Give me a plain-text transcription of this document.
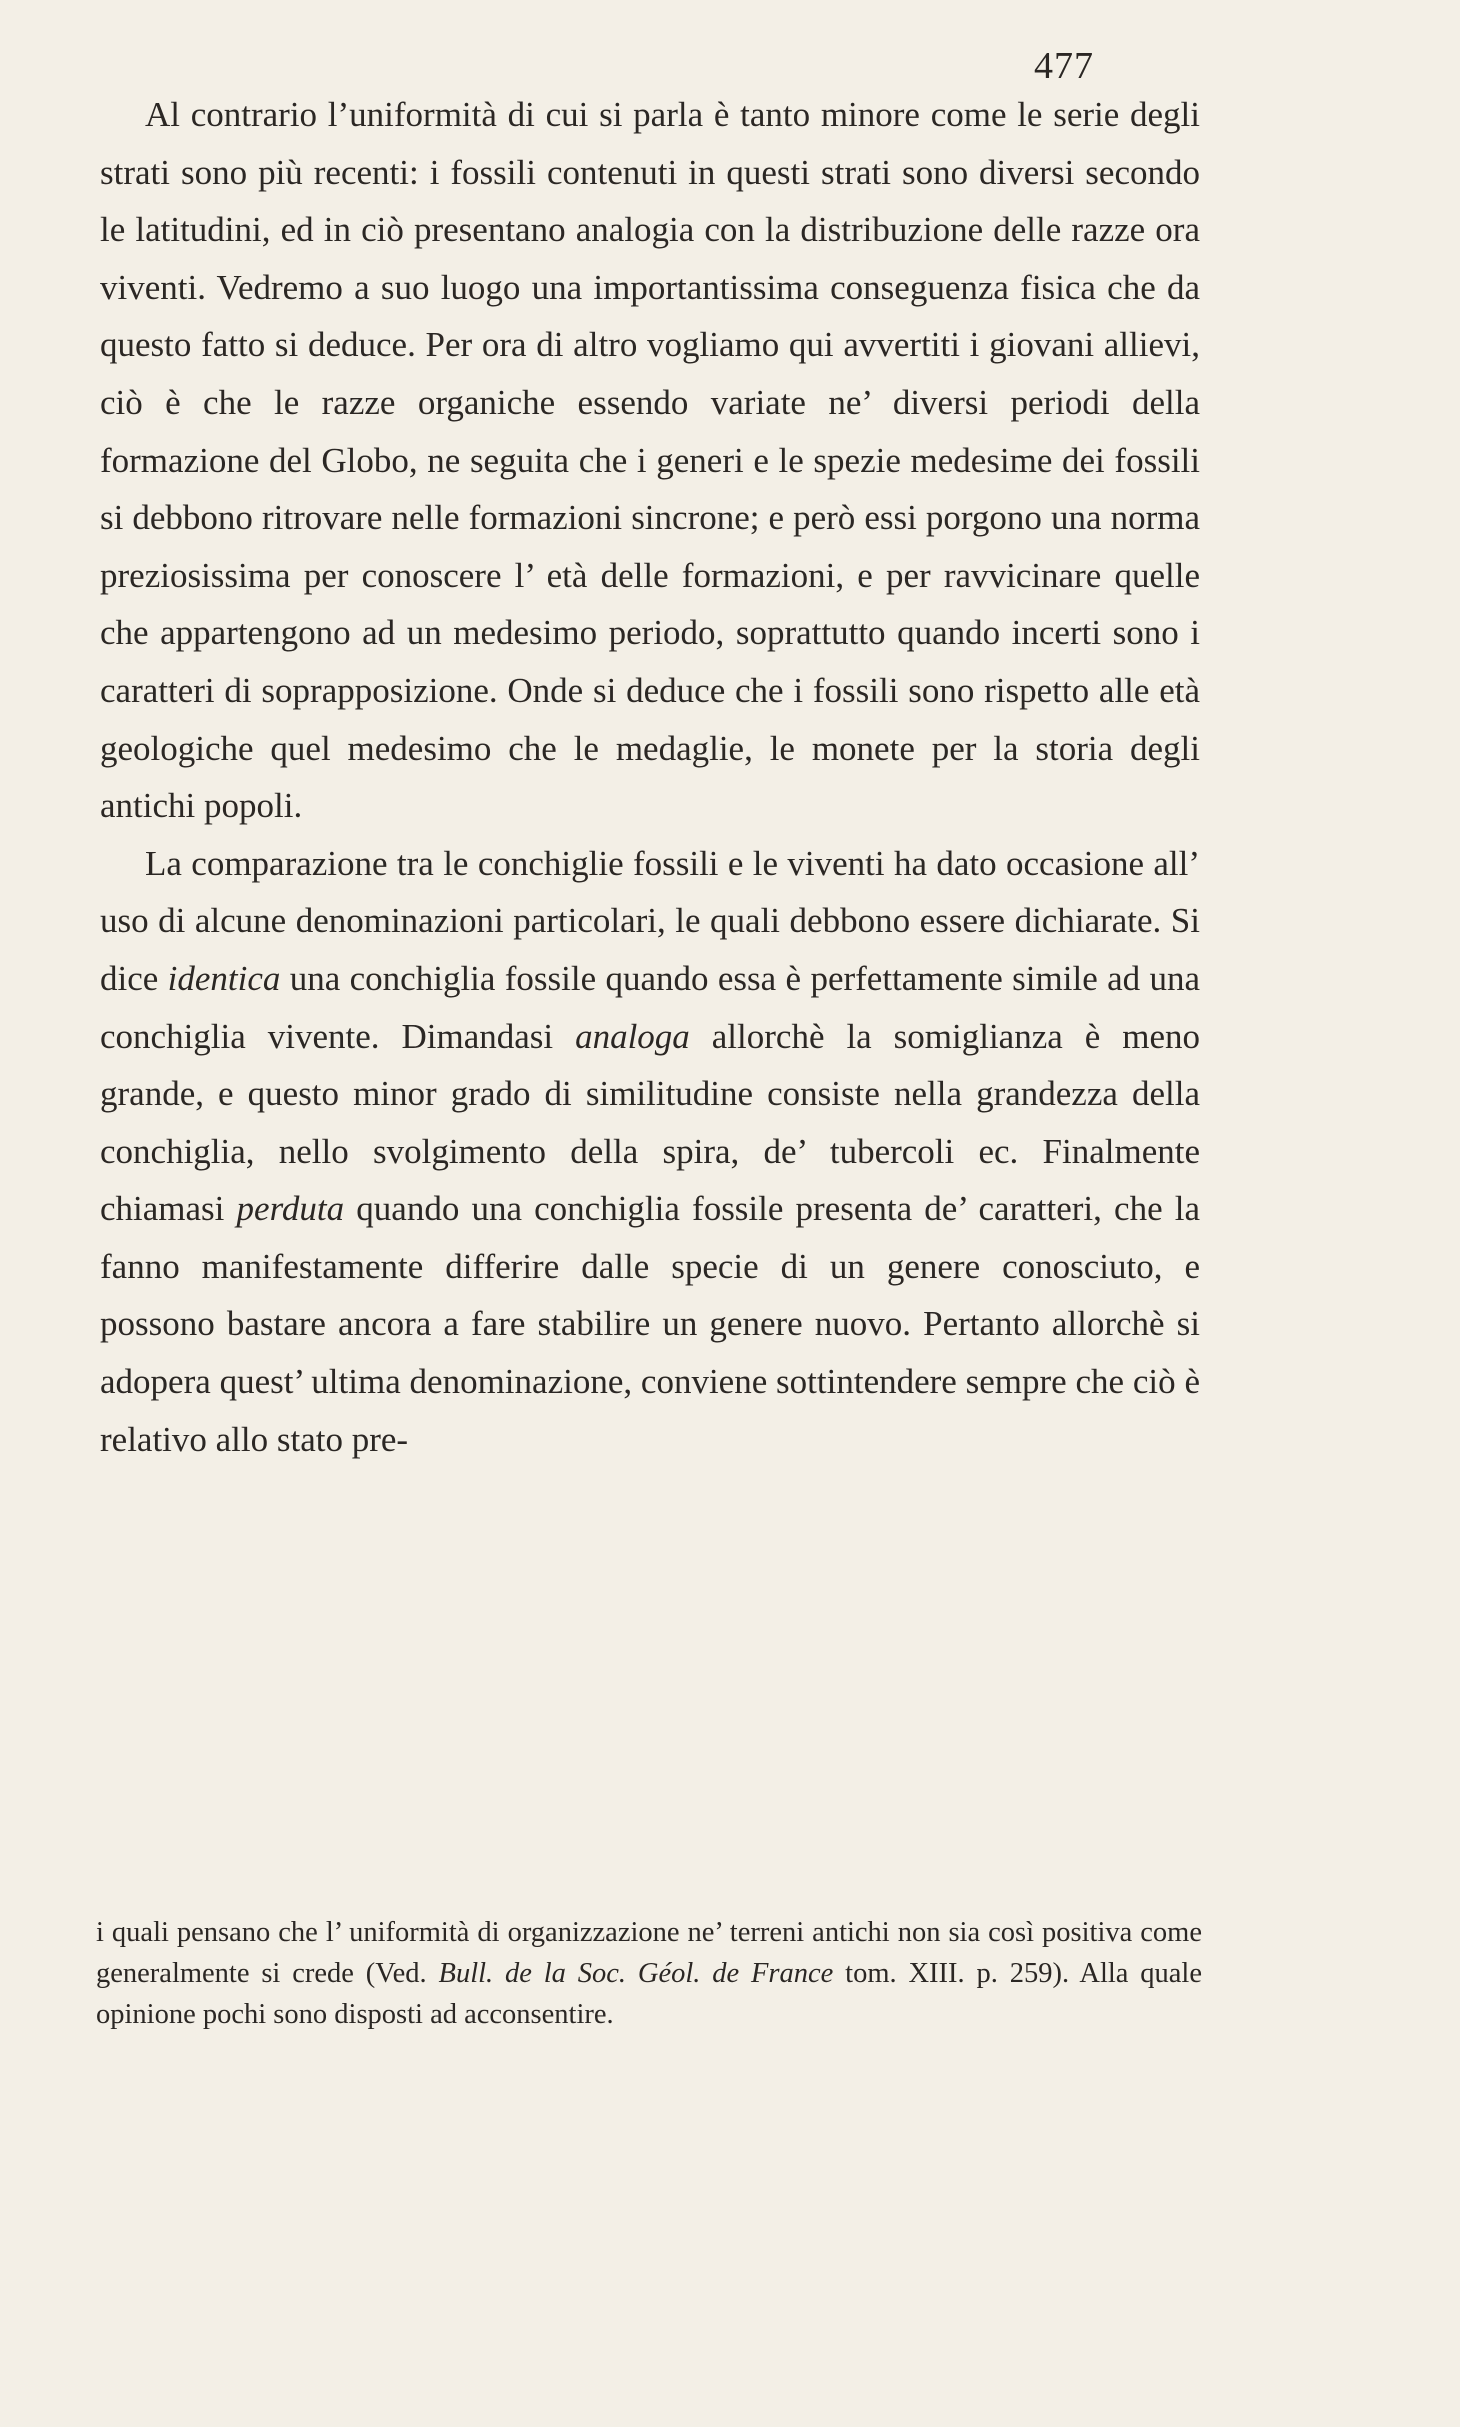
477

Al contrario l’uniformità di cui si parla è tanto minore come le serie degli strati sono più recenti: i fossili contenuti in questi strati sono diversi secondo le latitudini, ed in ciò presentano analogia con la distribuzione delle razze ora viventi. Vedremo a suo luogo una importantissima conseguenza fisica che da questo fatto si deduce. Per ora di altro vogliamo qui avvertiti i giovani allievi, ciò è che le razze organiche essendo variate ne’ diversi periodi della formazione del Globo, ne seguita che i generi e le spezie medesime dei fossili si debbono ritrovare nelle formazioni sincrone; e però essi porgono una norma preziosissima per conoscere l’ età delle formazioni, e per ravvicinare quelle che appartengono ad un medesimo periodo, soprattutto quando incerti sono i caratteri di soprapposizione. Onde si deduce che i fossili sono rispetto alle età geologiche quel medesimo che le medaglie, le monete per la storia degli antichi popoli.

La comparazione tra le conchiglie fossili e le viventi ha dato occasione all’ uso di alcune denominazioni particolari, le quali debbono essere dichiarate. Si dice identica una conchiglia fossile quando essa è perfettamente simile ad una conchiglia vivente. Dimandasi analoga allorchè la somiglianza è meno grande, e questo minor grado di similitudine consiste nella grandezza della conchiglia, nello svolgimento della spira, de’ tubercoli ec. Finalmente chiamasi perduta quando una conchiglia fossile presenta de’ caratteri, che la fanno manifestamente differire dalle specie di un genere conosciuto, e possono bastare ancora a fare stabilire un genere nuovo. Pertanto allorchè si adopera quest’ ultima denominazione, conviene sottintendere sempre che ciò è relativo allo stato pre-

i quali pensano che l’ uniformità di organizzazione ne’ terreni antichi non sia così positiva come generalmente si crede (Ved. Bull. de la Soc. Géol. de France tom. XIII. p. 259). Alla quale opinione pochi sono disposti ad acconsentire.
